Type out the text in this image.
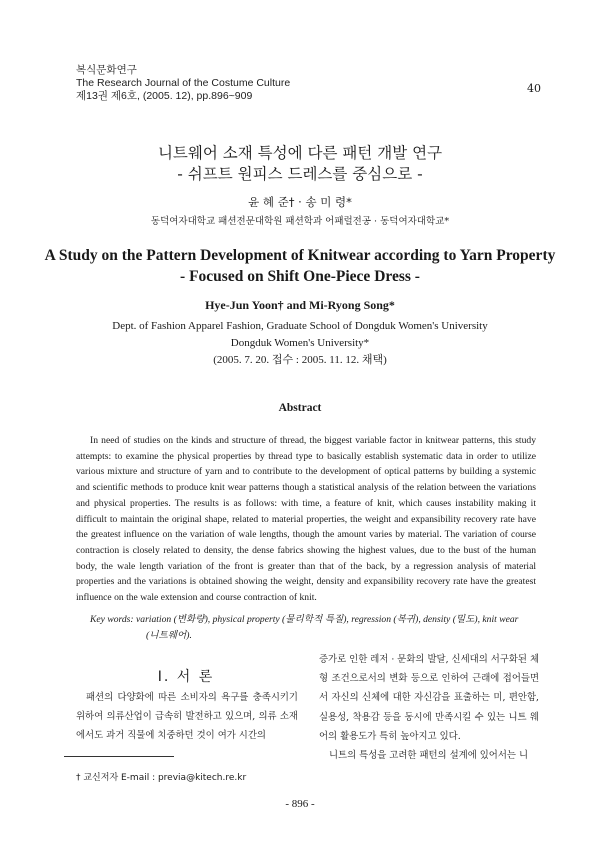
복식문화연구
The Research Journal of the Costume Culture
제13권 제6호, (2005. 12), pp.896~909
40
니트웨어 소재 특성에 다른 패턴 개발 연구
- 쉬프트 원피스 드레스를 중심으로 -
윤 혜 준† · 송 미 령*
동덕여자대학교 패션전문대학원 패션학과 어패럴전공 · 동덕여자대학교*
A Study on the Pattern Development of Knitwear according to Yarn Property
- Focused on Shift One-Piece Dress -
Hye-Jun Yoon† and Mi-Ryong Song*
Dept. of Fashion Apparel Fashion, Graduate School of Dongduk Women's University
Dongduk Women's University*
(2005. 7. 20. 접수 : 2005. 11. 12. 채택)
Abstract
In need of studies on the kinds and structure of thread, the biggest variable factor in knitwear patterns, this study attempts: to examine the physical properties by thread type to basically establish systematic data in order to utilize various mixture and structure of yarn and to contribute to the development of optical patterns by building a systemic and scientific methods to produce knit wear patterns though a statistical analysis of the relation between the variations and physical properties. The results is as follows: with time, a feature of knit, which causes instability making it difficult to maintain the original shape, related to material properties, the weight and expansibility recovery rate have the greatest influence on the variation of wale lengths, though the amount varies by material. The variation of course contraction is closely related to density, the dense fabrics showing the highest values, due to the bust of the human body, the wale length variation of the front is greater than that of the back, by a regression analysis of material properties and the variations is obtained showing the weight, density and expansibility recovery rate have the greatest influence on the wale extension and course contraction of knit.
Key words: variation (변화량), physical property (물리학적 특질), regression (복귀), density (밀도), knit wear
(니트웨어).
Ⅰ. 서 론
패션의 다양화에 따른 소비자의 욕구를 충족시키기 위하여 의류산업이 급속히 발전하고 있으며, 의류 소재에서도 과거 직물에 치중하던 것이 여가 시간의

증가로 인한 레저 · 문화의 발달, 신세대의 서구화된 체형 조건으로서의 변화 등으로 인하여 근래에 접어들면서 자신의 신체에 대한 자신감을 표출하는 미, 편안함, 실용성, 착용감 등을 동시에 만족시킬 수 있는 니트 웨어의 활용도가 특히 높아지고 있다.

니트의 특성을 고려한 패턴의 설계에 있어서는 니

† 교신저자 E-mail : previa@kitech.re.kr
- 896 -
